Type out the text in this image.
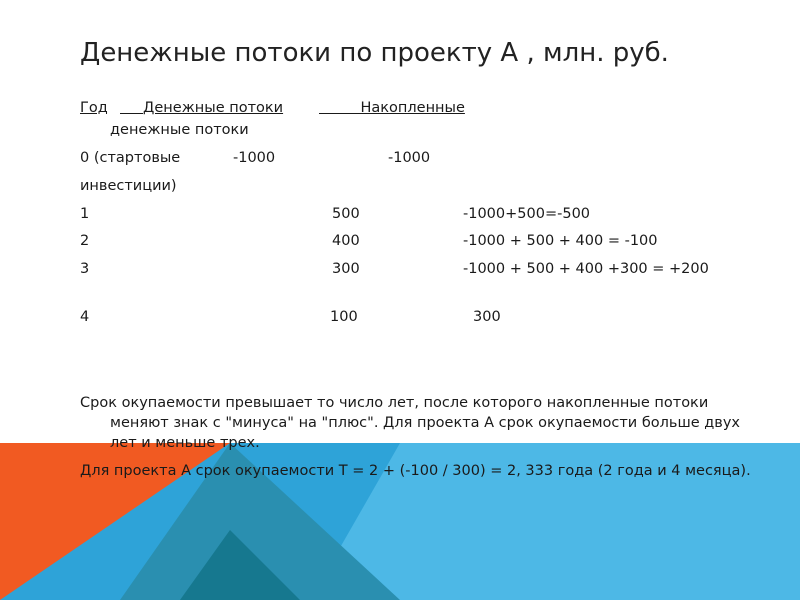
Денежные потоки по проекту А , млн. руб.
Год	Денежные потоки	Накопленные
денежные потоки
0 (стартовые	-1000	-1000
инвестиции)
1	500	-1000+500=-500
2	400	-1000 + 500 + 400 = -100
3	300	-1000 + 500 + 400 +300 = +200
4	100	300
Срок окупаемости превышает то число лет, после которого накопленные потоки меняют знак с "минуса" на "плюс". Для проекта А срок окупаемости больше двух лет и меньше трех.
Для проекта А срок окупаемости Т = 2 + (-100 / 300) = 2, 333 года (2 года и 4 месяца).
